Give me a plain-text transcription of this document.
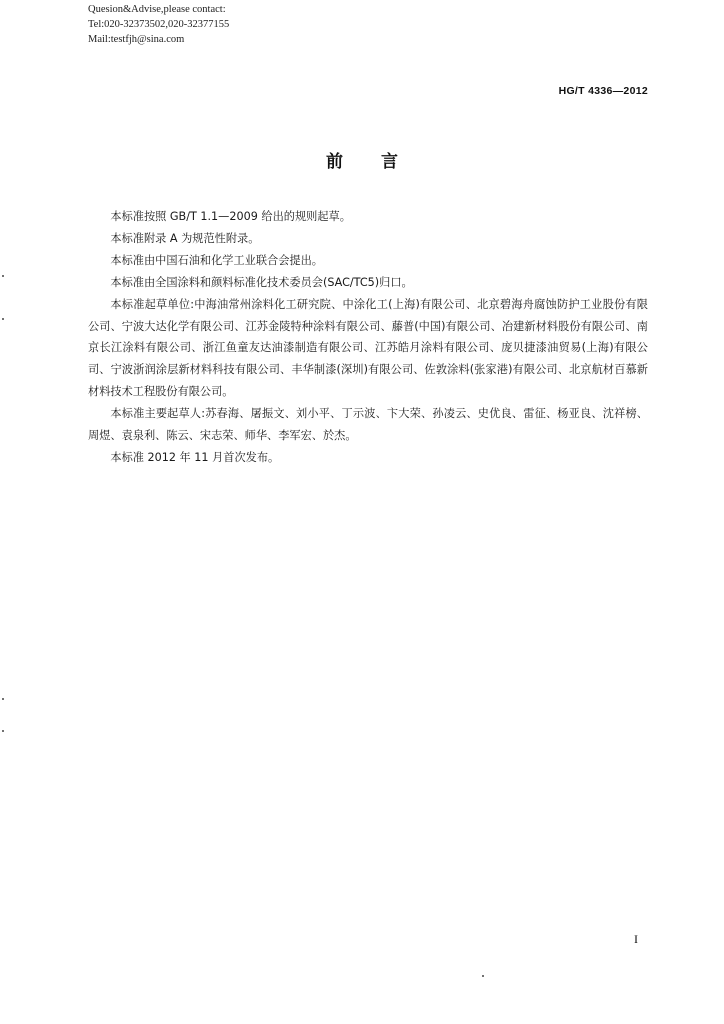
Quesion&Advise,please contact:
Tel:020-32373502,020-32377155
Mail:testfjh@sina.com
HG/T 4336—2012
前 言

本标准按照 GB/T 1.1—2009 给出的规则起草。

本标准附录 A 为规范性附录。

本标准由中国石油和化学工业联合会提出。

本标准由全国涂料和颜料标准化技术委员会(SAC/TC5)归口。

本标准起草单位:中海油常州涂料化工研究院、中涂化工(上海)有限公司、北京碧海舟腐蚀防护工业股份有限公司、宁波大达化学有限公司、江苏金陵特种涂料有限公司、藤普(中国)有限公司、冶建新材料股份有限公司、南京长江涂料有限公司、浙江鱼童友达油漆制造有限公司、江苏皓月涂料有限公司、庞贝捷漆油贸易(上海)有限公司、宁波浙润涂层新材料科技有限公司、丰华制漆(深圳)有限公司、佐敦涂料(张家港)有限公司、北京航材百慕新材料技术工程股份有限公司。

本标准主要起草人:苏春海、屠振文、刘小平、丁示波、卞大荣、孙凌云、史优良、雷征、杨亚良、沈祥榜、周煜、袁泉利、陈云、宋志荣、师华、李军宏、於杰。

本标准 2012 年 11 月首次发布。

I
